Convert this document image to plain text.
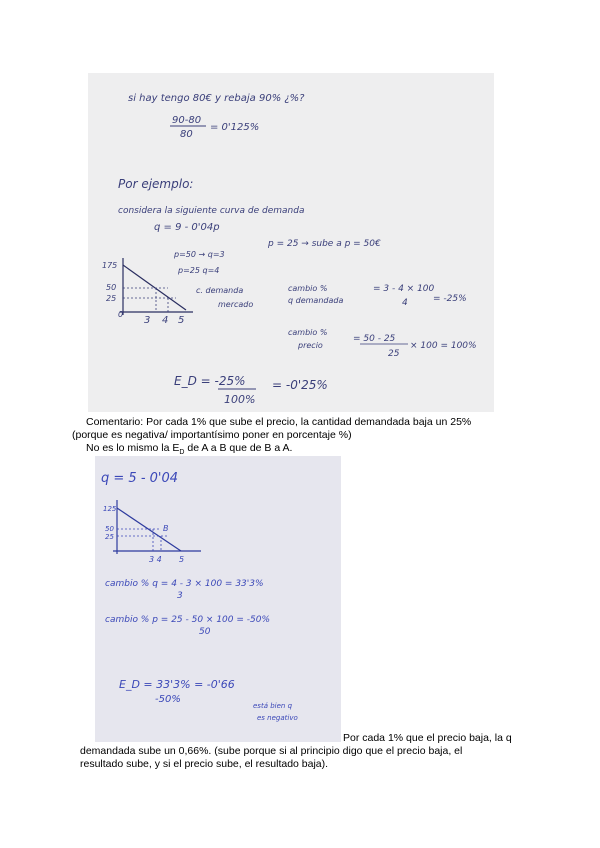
si hay tengo 80€ y rebaja 90% ¿%?
90-80
80
= 0'125%
Por ejemplo:
considera la siguiente curva de demanda
q = 9 - 0'04p
p = 25 → sube a p = 50€
175
50
25
0
3 4 5
p=50 → q=3
p=25 q=4
c. demanda
mercado
cambio %
q demandada
= 3 - 4 × 100
4	= -25%
cambio %
precio
= 50 - 25
25
× 100 = 100%
E_D = -25%
100%
= -0'25%
Comentario: Por cada 1% que sube el precio, la cantidad demandada baja un 25%
(porque es negativa/ importantísimo poner en porcentaje %)
No es lo mismo la $E_D$ de A a B que de B a A.
q = 5 - 0'04
125
50
25
3 4 5
B
cambio % q = 4 - 3 × 100 = 33'3%
3
cambio % p = 25 - 50 × 100 = -50%
50
E_D = 33'3% = -0'66
-50%
está bien q
es negativo
Por cada 1% que el precio baja, la q
demandada sube un 0,66%. (sube porque si al principio digo que el precio baja, el
resultado sube, y si el precio sube, el resultado baja).
